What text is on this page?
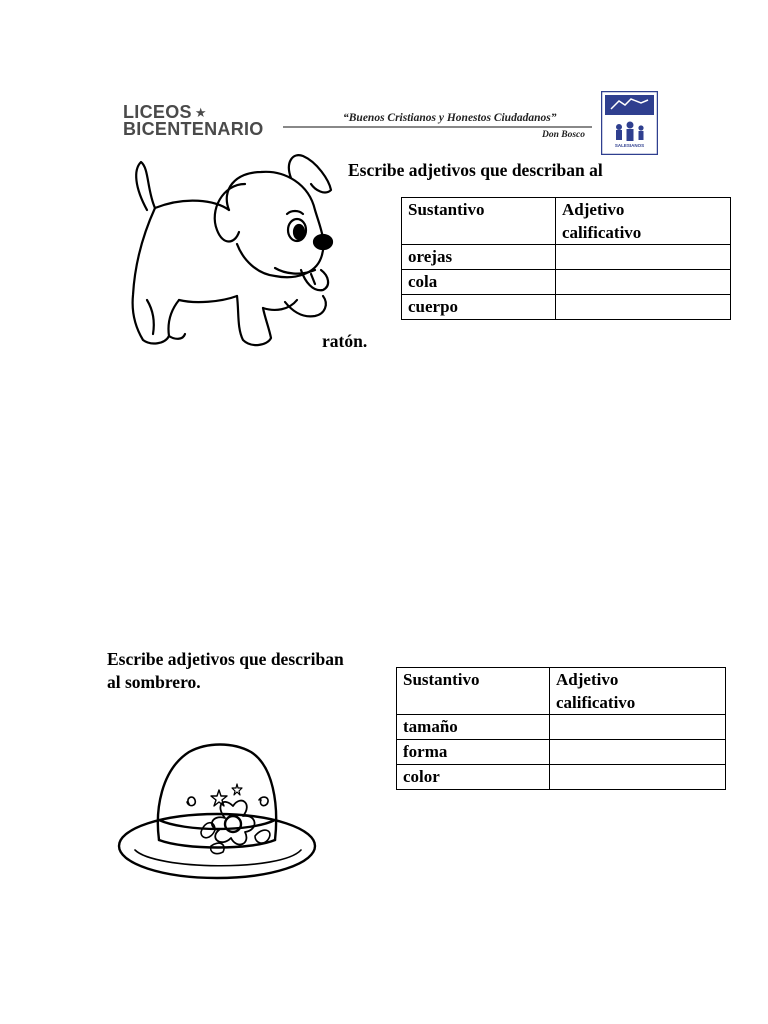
LICEOS ★
BICENTENARIO
“Buenos Cristianos y Honestos Ciudadanos”
Don Bosco
SALESIANOS
Escribe adjetivos que describan al
ratón.
Sustantivo	Adjetivo
calificativo
orejas	
cola	
cuerpo	
Escribe adjetivos que describan
al sombrero.	Sustantivo	Adjetivo
calificativo
tamaño	
forma	
color	
